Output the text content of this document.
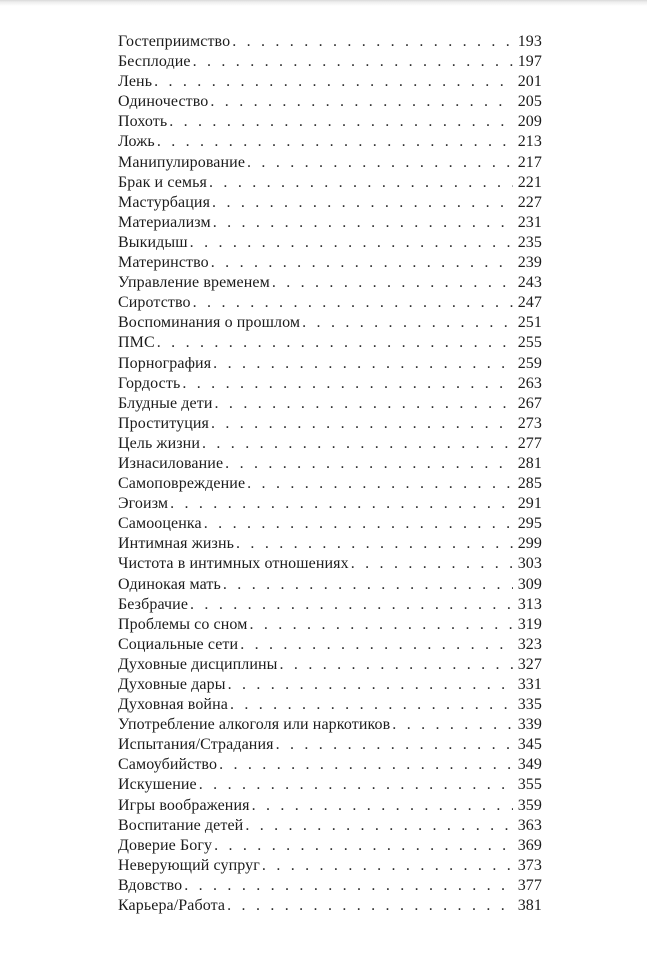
Гостеприимство . . .	193
Бесплодие . . .	197
Лень . . .	201
Одиночество . . .	205
Похоть . . .	209
Ложь . . .	213
Манипулирование . . .	217
Брак и семья . . .	221
Мастурбация . . .	227
Материализм . . .	231
Выкидыш . . .	235
Материнство . . .	239
Управление временем . . .	243
Сиротство . . .	247
Воспоминания о прошлом . . .	251
ПМС . . .	255
Порнография . . .	259
Гордость . . .	263
Блудные дети . . .	267
Проституция . . .	273
Цель жизни . . .	277
Изнасилование . . .	281
Самоповреждение . . .	285
Эгоизм . . .	291
Самооценка . . .	295
Интимная жизнь . . .	299
Чистота в интимных отношениях . . .	303
Одинокая мать . . .	309
Безбрачие . . .	313
Проблемы со сном . . .	319
Социальные сети . . .	323
Духовные дисциплины . . .	327
Духовные дары . . .	331
Духовная война . . .	335
Употребление алкоголя или наркотиков . . .	339
Испытания/Страдания . . .	345
Самоубийство . . .	349
Искушение . . .	355
Игры воображения . . .	359
Воспитание детей . . .	363
Доверие Богу . . .	369
Неверующий супруг . . .	373
Вдовство . . .	377
Карьера/Работа . . .	381
